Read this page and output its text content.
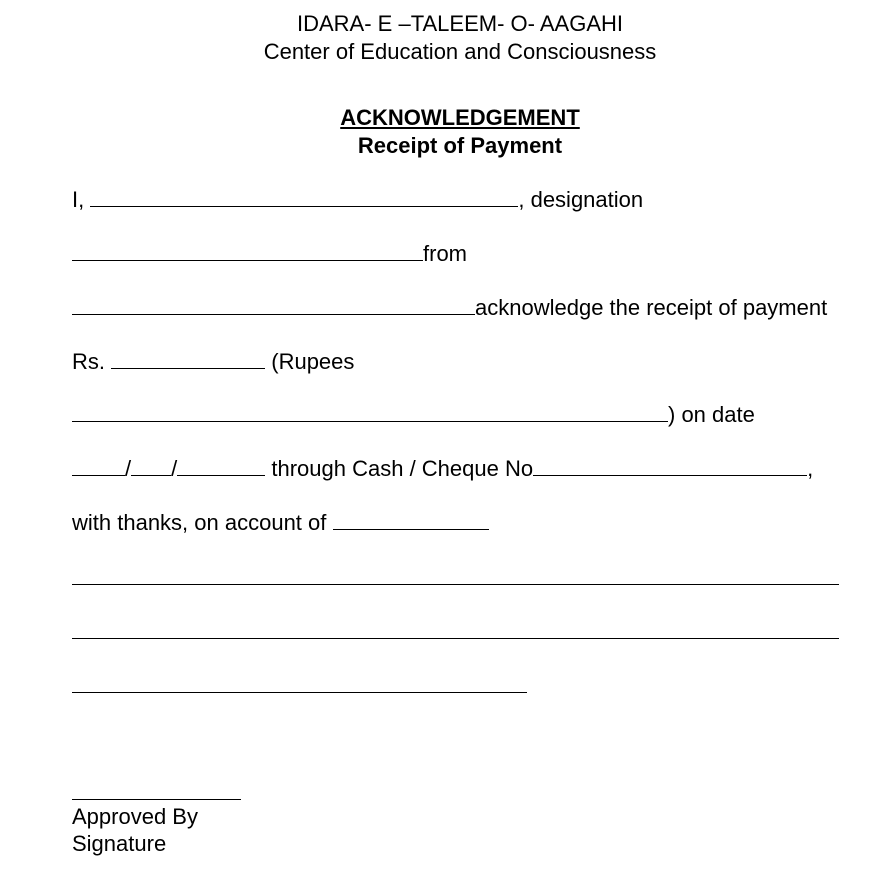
IDARA- E –TALEEM- O- AAGAHI
Center of Education and Consciousness
ACKNOWLEDGEMENT
Receipt of Payment
I,	, designation
from
acknowledge the receipt of payment
Rs.	(Rupees
) on date
/ /	through Cash / Cheque No	,
with thanks, on account of
Approved By
Signature
